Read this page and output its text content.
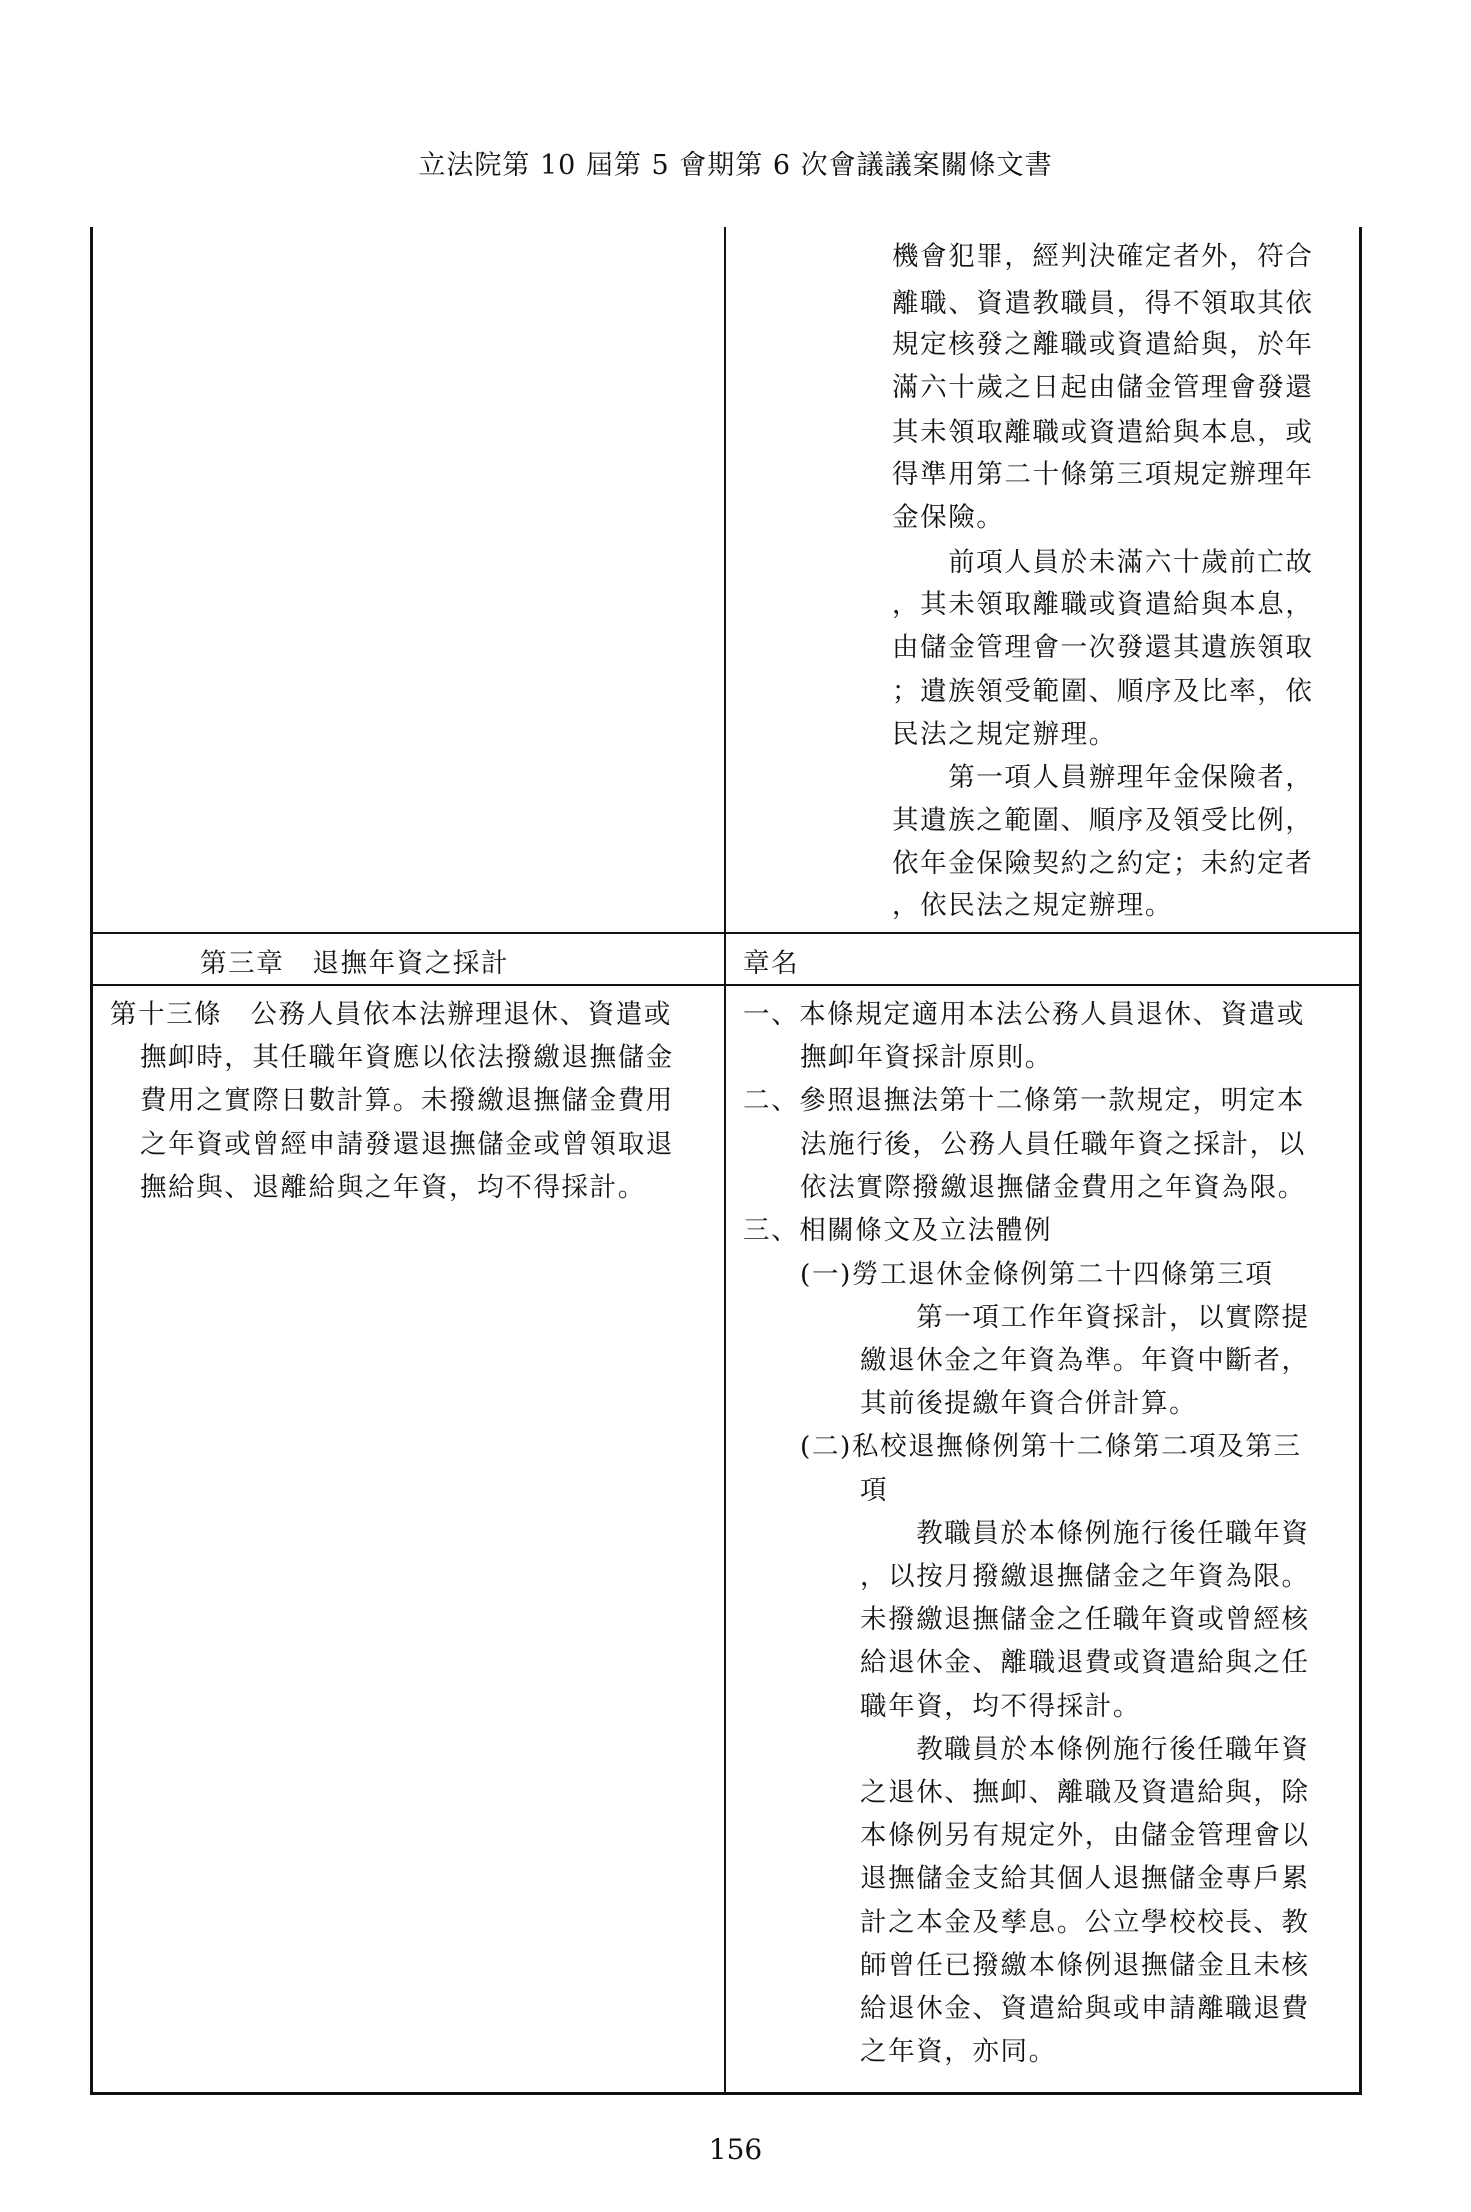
立法院第 10 屆第 5 會期第 6 次會議議案關條文書
機會犯罪，經判決確定者外，符合
離職、資遣教職員，得不領取其依
規定核發之離職或資遣給與，於年
滿六十歲之日起由儲金管理會發還
其未領取離職或資遣給與本息，或
得準用第二十條第三項規定辦理年
金保險。
　　前項人員於未滿六十歲前亡故
，其未領取離職或資遣給與本息，
由儲金管理會一次發還其遺族領取
；遺族領受範圍、順序及比率，依
民法之規定辦理。
　　第一項人員辦理年金保險者，
其遺族之範圍、順序及領受比例，
依年金保險契約之約定；未約定者
，依民法之規定辦理。
第三章　退撫年資之採計	章名
第十三條　公務人員依本法辦理退休、資遣或
撫卹時，其任職年資應以依法撥繳退撫儲金
費用之實際日數計算。未撥繳退撫儲金費用
之年資或曾經申請發還退撫儲金或曾領取退
撫給與、退離給與之年資，均不得採計。
一、本條規定適用本法公務人員退休、資遣或
撫卹年資採計原則。
二、參照退撫法第十二條第一款規定，明定本
法施行後，公務人員任職年資之採計，以
依法實際撥繳退撫儲金費用之年資為限。
三、相關條文及立法體例
(一)勞工退休金條例第二十四條第三項
　　第一項工作年資採計，以實際提
繳退休金之年資為準。年資中斷者，
其前後提繳年資合併計算。
(二)私校退撫條例第十二條第二項及第三
項
　　教職員於本條例施行後任職年資
，以按月撥繳退撫儲金之年資為限。
未撥繳退撫儲金之任職年資或曾經核
給退休金、離職退費或資遣給與之任
職年資，均不得採計。
　　教職員於本條例施行後任職年資
之退休、撫卹、離職及資遣給與，除
本條例另有規定外，由儲金管理會以
退撫儲金支給其個人退撫儲金專戶累
計之本金及孳息。公立學校校長、教
師曾任已撥繳本條例退撫儲金且未核
給退休金、資遣給與或申請離職退費
之年資，亦同。
156
